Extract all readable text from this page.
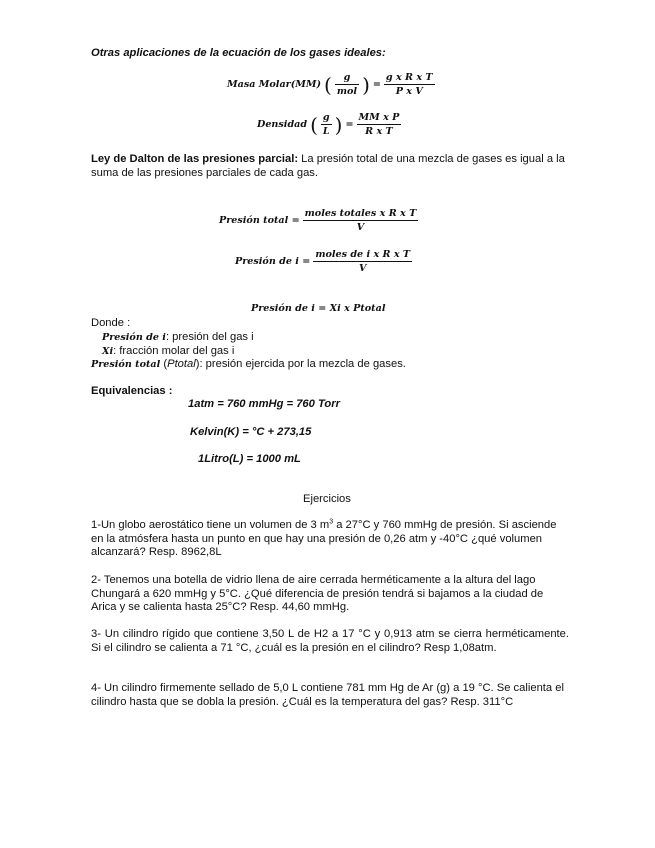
Otras aplicaciones de la ecuación de los gases ideales:
Masa Molar(MM) ( $\frac{g}{\text{mol}}$ ) = $\frac{\text{g x R x T}}{\text{P x V}}$
Densidad ( $\frac{g}{L}$ ) = $\frac{\text{MM x P}}{\text{R x T}}$
Ley de Dalton de las presiones parcial: La presión total de una mezcla de gases es igual a la suma de las presiones parciales de cada gas.
Presión total = $\frac{\text{moles totales x R x T}}{V}$
Presión de $i = \frac{\text{moles de i x R x T}}{V}$
Presión de i = Xi x Ptotal
Donde :
Presión de i: presión del gas i
Xi: fracción molar del gas i
Presión total (Ptotal): presión ejercida por la mezcla de gases.
Equivalencias :
1atm = 760 mmHg = 760 Torr
Kelvin(K) = °C + 273,15
1Litro(L) = 1000 mL
Ejercicios
1-Un globo aerostático tiene un volumen de 3 $m^3$ a 27°C y 760 mmHg de presión. Si asciende en la atmósfera hasta un punto en que hay una presión de 0,26 atm y -40°C ¿qué volumen alcanzará? Resp. 8962,8L
2- Tenemos una botella de vidrio llena de aire cerrada herméticamente a la altura del lago Chungará a 620 mmHg y 5°C. ¿Qué diferencia de presión tendrá si bajamos a la ciudad de Arica y se calienta hasta 25°C? Resp. 44,60 mmHg.
3- Un cilindro rígido que contiene 3,50 L de H2 a 17 °C y 0,913 atm se cierra herméticamente. Si el cilindro se calienta a 71 °C, ¿cuál es la presión en el cilindro? Resp 1,08atm.
4- Un cilindro firmemente sellado de 5,0 L contiene 781 mm Hg de Ar (g) a 19 °C. Se calienta el cilindro hasta que se dobla la presión. ¿Cuál es la temperatura del gas? Resp. 311°C
